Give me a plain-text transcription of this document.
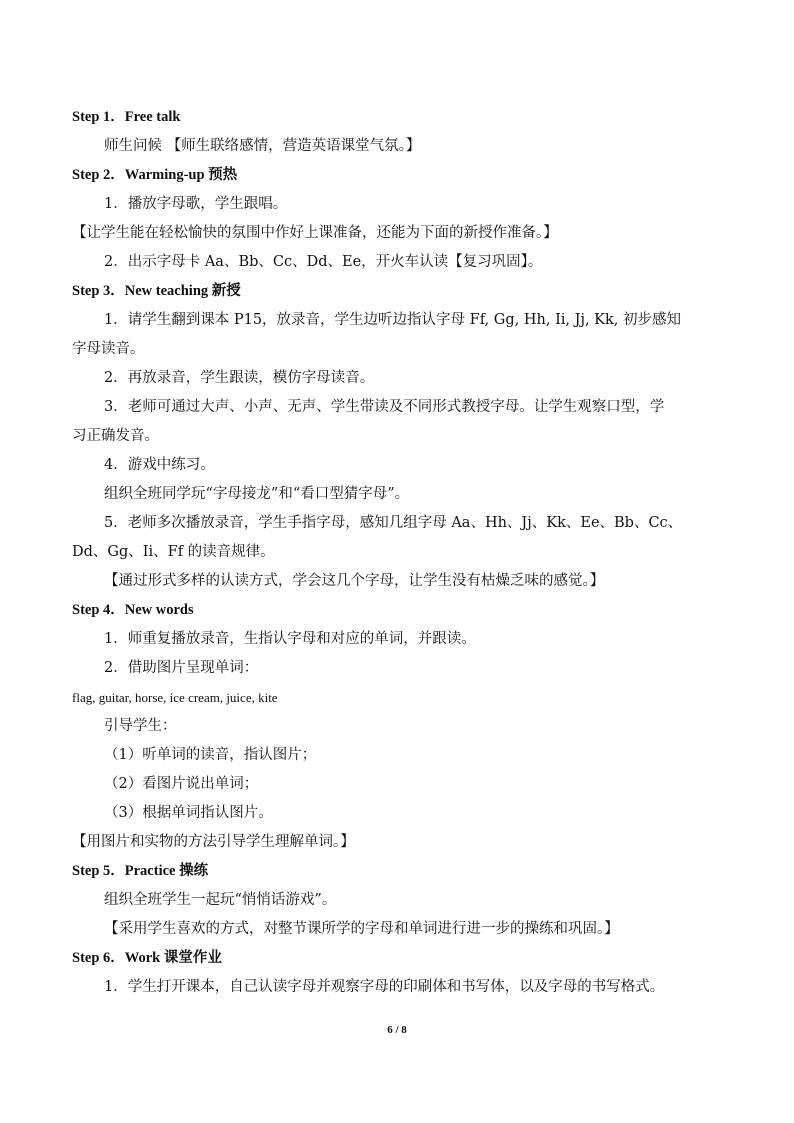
Step 1．Free talk
师生问候 【师生联络感情，营造英语课堂气氛。】
Step 2．Warming-up 预热
1．播放字母歌，学生跟唱。
【让学生能在轻松愉快的氛围中作好上课准备，还能为下面的新授作准备。】
2．出示字母卡 Aa、Bb、Cc、Dd、Ee，开火车认读【复习巩固】。
Step 3．New teaching 新授
1．请学生翻到课本 P15，放录音，学生边听边指认字母 Ff, Gg, Hh, Ii, Jj, Kk, 初步感知
字母读音。
2．再放录音，学生跟读，模仿字母读音。
3．老师可通过大声、小声、无声、学生带读及不同形式教授字母。让学生观察口型，学
习正确发音。
4．游戏中练习。
组织全班同学玩“字母接龙”和“看口型猜字母”。
5．老师多次播放录音，学生手指字母，感知几组字母 Aa、Hh、Jj、Kk、Ee、Bb、Cc、
Dd、Gg、Ii、Ff 的读音规律。
【通过形式多样的认读方式，学会这几个字母，让学生没有枯燥乏味的感觉。】
Step 4．New words
1．师重复播放录音，生指认字母和对应的单词，并跟读。
2．借助图片呈现单词：
flag, guitar, horse, ice cream, juice, kite
引导学生：
（1）听单词的读音，指认图片；
（2）看图片说出单词；
（3）根据单词指认图片。
【用图片和实物的方法引导学生理解单词。】
Step 5．Practice 操练
组织全班学生一起玩“悄悄话游戏”。
【采用学生喜欢的方式，对整节课所学的字母和单词进行进一步的操练和巩固。】
Step 6．Work 课堂作业
1．学生打开课本，自己认读字母并观察字母的印刷体和书写体，以及字母的书写格式。
6 / 8
